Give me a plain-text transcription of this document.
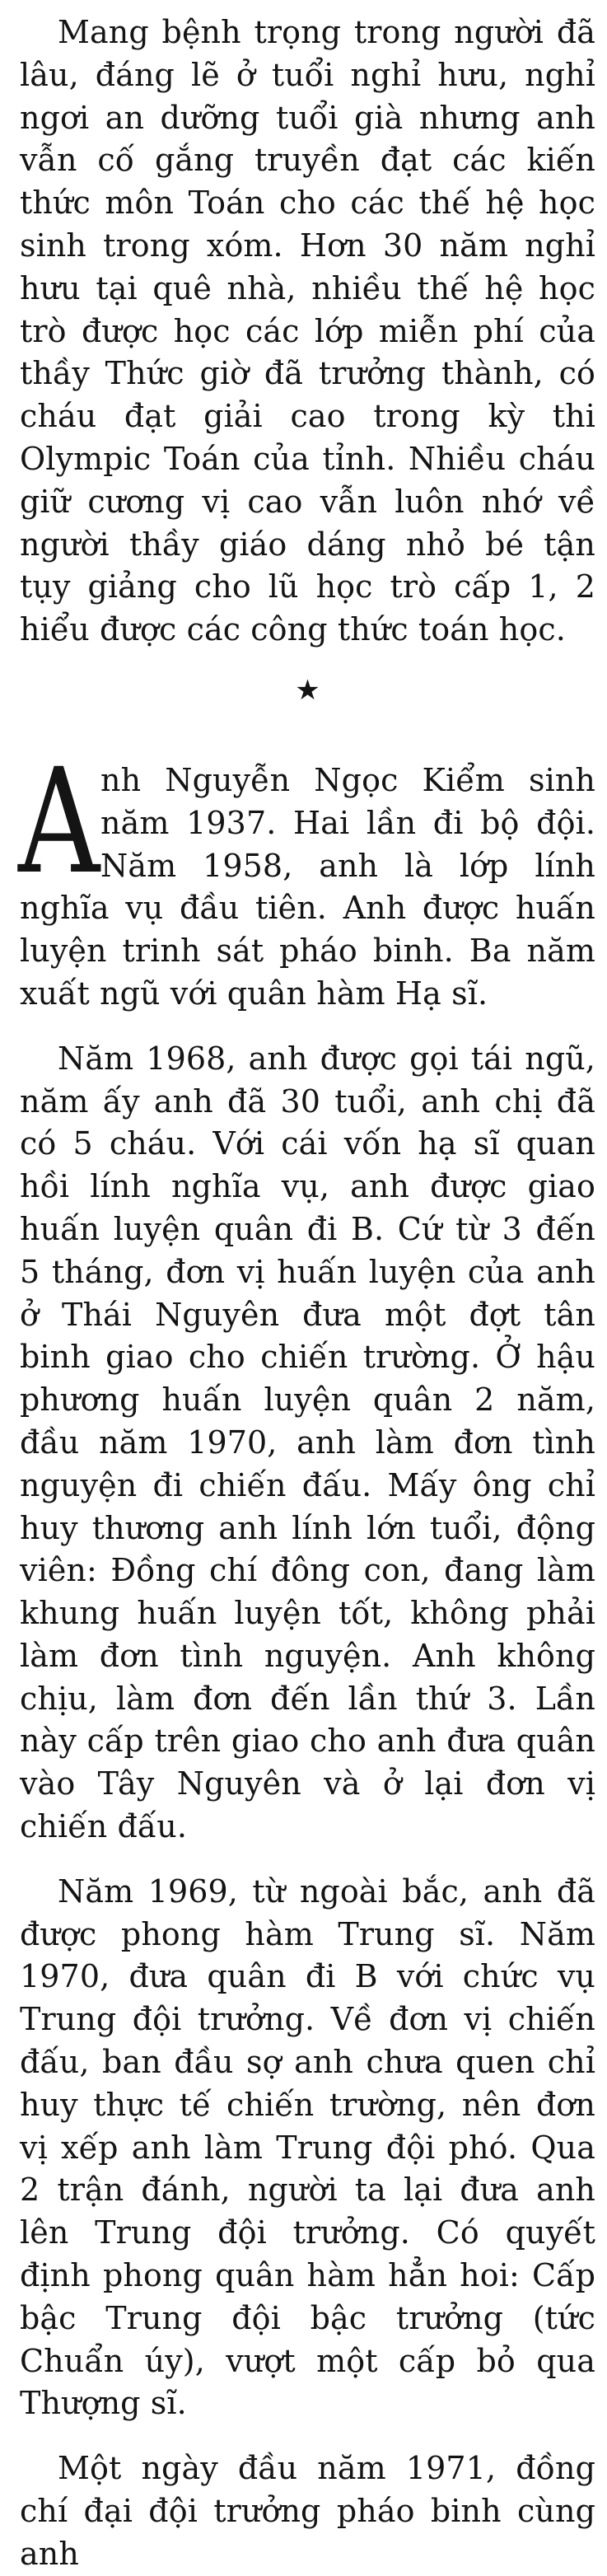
Mang bệnh trọng trong người đã lâu, đáng lẽ ở tuổi nghỉ hưu, nghỉ ngơi an dưỡng tuổi già nhưng anh vẫn cố gắng truyền đạt các kiến thức môn Toán cho các thế hệ học sinh trong xóm. Hơn 30 năm nghỉ hưu tại quê nhà, nhiều thế hệ học trò được học các lớp miễn phí của thầy Thức giờ đã trưởng thành, có cháu đạt giải cao trong kỳ thi Olympic Toán của tỉnh. Nhiều cháu giữ cương vị cao vẫn luôn nhớ về người thầy giáo dáng nhỏ bé tận tụy giảng cho lũ học trò cấp 1, 2 hiểu được các công thức toán học.

★

Anh Nguyễn Ngọc Kiểm sinh năm 1937. Hai lần đi bộ đội. Năm 1958, anh là lớp lính nghĩa vụ đầu tiên. Anh được huấn luyện trinh sát pháo binh. Ba năm xuất ngũ với quân hàm Hạ sĩ.

Năm 1968, anh được gọi tái ngũ, năm ấy anh đã 30 tuổi, anh chị đã có 5 cháu. Với cái vốn hạ sĩ quan hồi lính nghĩa vụ, anh được giao huấn luyện quân đi B. Cứ từ 3 đến 5 tháng, đơn vị huấn luyện của anh ở Thái Nguyên đưa một đợt tân binh giao cho chiến trường. Ở hậu phương huấn luyện quân 2 năm, đầu năm 1970, anh làm đơn tình nguyện đi chiến đấu. Mấy ông chỉ huy thương anh lính lớn tuổi, động viên: Đồng chí đông con, đang làm khung huấn luyện tốt, không phải làm đơn tình nguyện. Anh không chịu, làm đơn đến lần thứ 3. Lần này cấp trên giao cho anh đưa quân vào Tây Nguyên và ở lại đơn vị chiến đấu.

Năm 1969, từ ngoài bắc, anh đã được phong hàm Trung sĩ. Năm 1970, đưa quân đi B với chức vụ Trung đội trưởng. Về đơn vị chiến đấu, ban đầu sợ anh chưa quen chỉ huy thực tế chiến trường, nên đơn vị xếp anh làm Trung đội phó. Qua 2 trận đánh, người ta lại đưa anh lên Trung đội trưởng. Có quyết định phong quân hàm hẳn hoi: Cấp bậc Trung đội bậc trưởng (tức Chuẩn úy), vượt một cấp bỏ qua Thượng sĩ.

Một ngày đầu năm 1971, đồng chí đại đội trưởng pháo binh cùng anh
